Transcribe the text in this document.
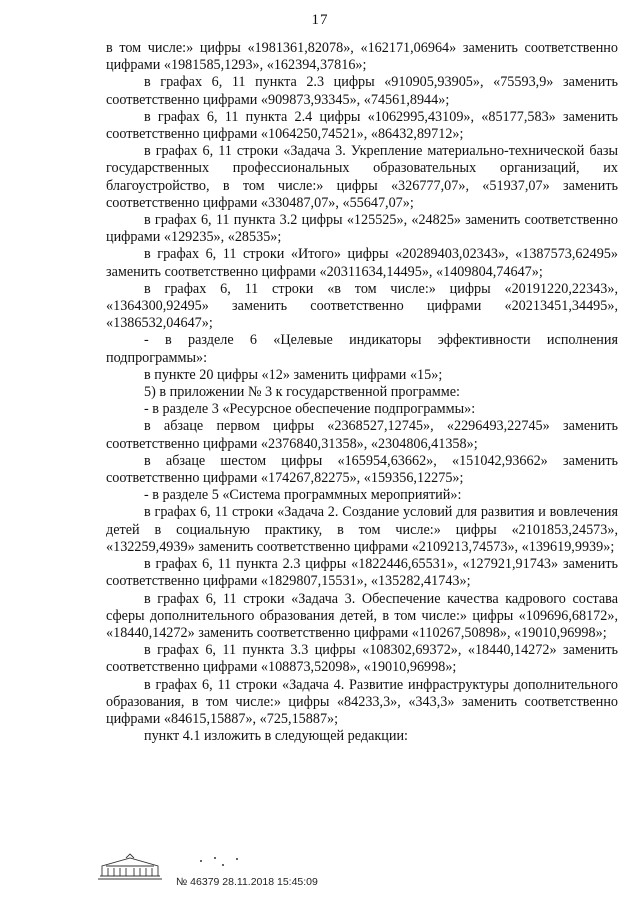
17

в том числе:» цифры «1981361,82078», «162171,06964» заменить соответственно цифрами «1981585,1293», «162394,37816»;

в графах 6, 11 пункта 2.3 цифры «910905,93905», «75593,9» заменить соответственно цифрами «909873,93345», «74561,8944»;

в графах 6, 11 пункта 2.4 цифры «1062995,43109», «85177,583» заменить соответственно цифрами «1064250,74521», «86432,89712»;

в графах 6, 11 строки «Задача 3. Укрепление материально-технической базы государственных профессиональных образовательных организаций, их благоустройство, в том числе:» цифры «326777,07», «51937,07» заменить соответственно цифрами «330487,07», «55647,07»;

в графах 6, 11 пункта 3.2 цифры «125525», «24825» заменить соответственно цифрами «129235», «28535»;

в графах 6, 11 строки «Итого» цифры «20289403,02343», «1387573,62495» заменить соответственно цифрами «20311634,14495», «1409804,74647»;

в графах 6, 11 строки «в том числе:» цифры «20191220,22343», «1364300,92495» заменить соответственно цифрами «20213451,34495», «1386532,04647»;

- в разделе 6 «Целевые индикаторы эффективности исполнения подпрограммы»:

в пункте 20 цифры «12» заменить цифрами «15»;

5) в приложении № 3 к государственной программе:

- в разделе 3 «Ресурсное обеспечение подпрограммы»:

в абзаце первом цифры «2368527,12745», «2296493,22745» заменить соответственно цифрами «2376840,31358», «2304806,41358»;

в абзаце шестом цифры «165954,63662», «151042,93662» заменить соответственно цифрами «174267,82275», «159356,12275»;

- в разделе 5 «Система программных мероприятий»:

в графах 6, 11 строки «Задача 2. Создание условий для развития и вовлечения детей в социальную практику, в том числе:» цифры «2101853,24573», «132259,4939» заменить соответственно цифрами «2109213,74573», «139619,9939»;

в графах 6, 11 пункта 2.3 цифры «1822446,65531», «127921,91743» заменить соответственно цифрами «1829807,15531», «135282,41743»;

в графах 6, 11 строки «Задача 3. Обеспечение качества кадрового состава сферы дополнительного образования детей, в том числе:» цифры «109696,68172», «18440,14272» заменить соответственно цифрами «110267,50898», «19010,96998»;

в графах 6, 11 пункта 3.3 цифры «108302,69372», «18440,14272» заменить соответственно цифрами «108873,52098», «19010,96998»;

в графах 6, 11 строки «Задача 4. Развитие инфраструктуры дополнительного образования, в том числе:» цифры «84233,3», «343,3» заменить соответственно цифрами «84615,15887», «725,15887»;

пункт 4.1 изложить в следующей редакции:

№ 46379 28.11.2018 15:45:09
